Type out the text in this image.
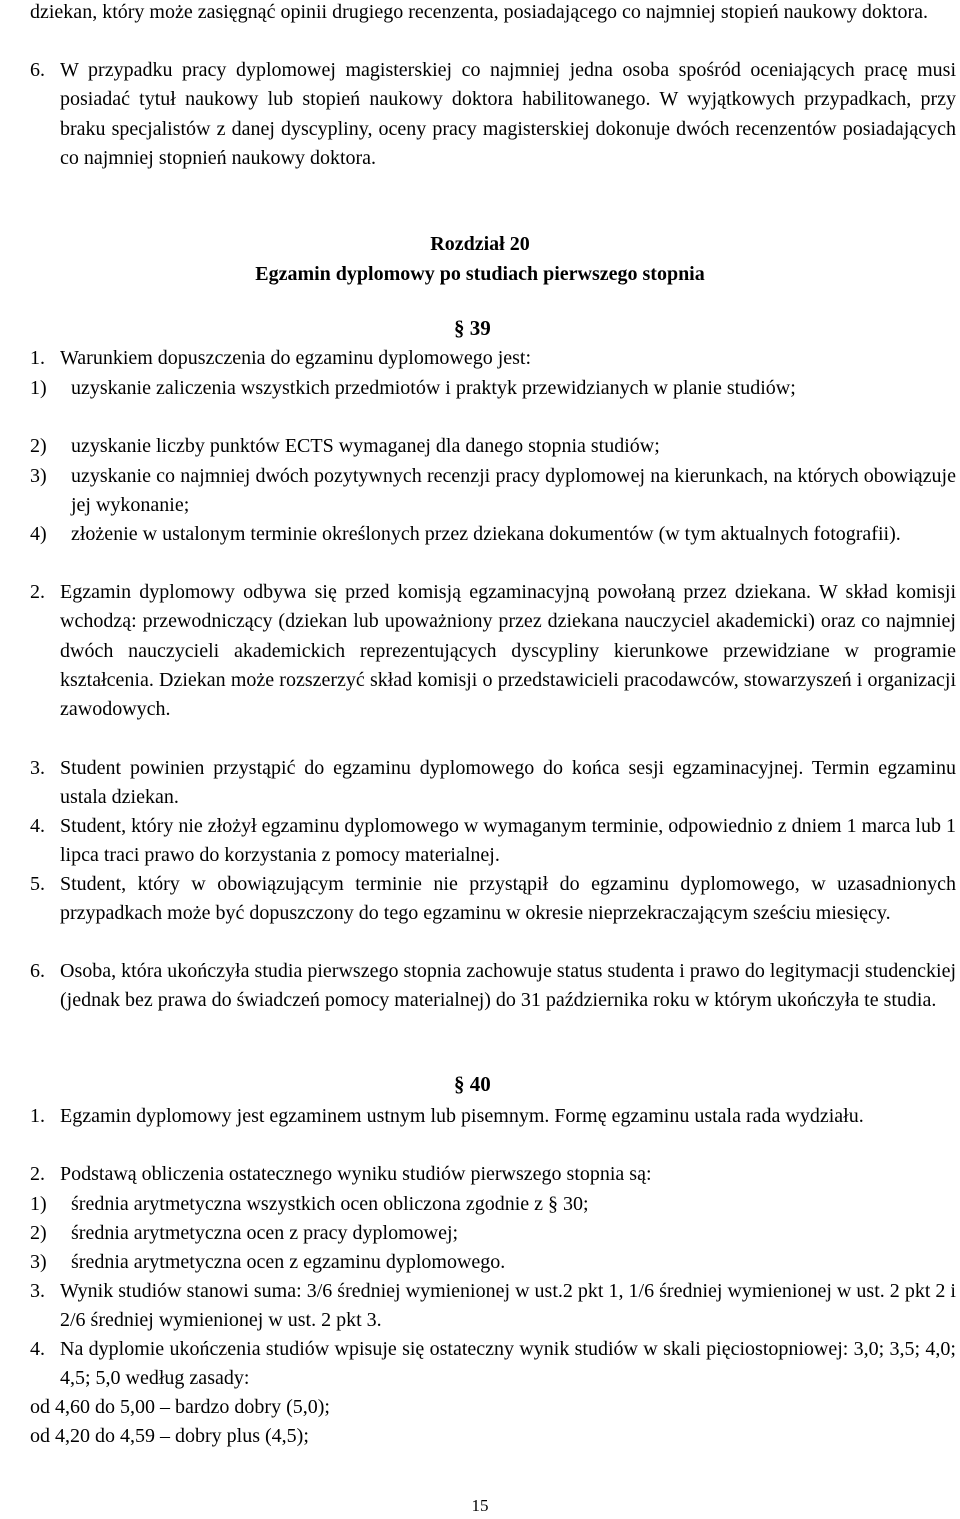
dziekan, który może zasięgnąć opinii drugiego recenzenta, posiadającego co najmniej stopień naukowy doktora.
6. W przypadku pracy dyplomowej magisterskiej co najmniej jedna osoba spośród oceniających pracę musi posiadać tytuł naukowy lub stopień naukowy doktora habilitowanego. W wyjątkowych przypadkach, przy braku specjalistów z danej dyscypliny, oceny pracy magisterskiej dokonuje dwóch recenzentów posiadających co najmniej stopnień naukowy doktora.
Rozdział 20
Egzamin dyplomowy po studiach pierwszego stopnia
§ 39
1. Warunkiem dopuszczenia do egzaminu dyplomowego jest:
1) uzyskanie zaliczenia wszystkich przedmiotów i praktyk przewidzianych w planie studiów;
2) uzyskanie liczby punktów ECTS wymaganej dla danego stopnia studiów;
3) uzyskanie co najmniej dwóch pozytywnych recenzji pracy dyplomowej na kierunkach, na których obowiązuje jej wykonanie;
4) złożenie w ustalonym terminie określonych przez dziekana dokumentów (w tym aktualnych fotografii).
2. Egzamin dyplomowy odbywa się przed komisją egzaminacyjną powołaną przez dziekana. W skład komisji wchodzą: przewodniczący (dziekan lub upoważniony przez dziekana nauczyciel akademicki) oraz co najmniej dwóch nauczycieli akademickich reprezentujących dyscypliny kierunkowe przewidziane w programie kształcenia. Dziekan może rozszerzyć skład komisji o przedstawicieli pracodawców, stowarzyszeń i organizacji zawodowych.
3. Student powinien przystąpić do egzaminu dyplomowego do końca sesji egzaminacyjnej. Termin egzaminu ustala dziekan.
4. Student, który nie złożył egzaminu dyplomowego w wymaganym terminie, odpowiednio z dniem 1 marca lub 1 lipca traci prawo do korzystania z pomocy materialnej.
5. Student, który w obowiązującym terminie nie przystąpił do egzaminu dyplomowego, w uzasadnionych przypadkach może być dopuszczony do tego egzaminu w okresie nieprzekraczającym sześciu miesięcy.
6. Osoba, która ukończyła studia pierwszego stopnia zachowuje status studenta i prawo do legitymacji studenckiej (jednak bez prawa do świadczeń pomocy materialnej) do 31 października roku w którym ukończyła te studia.
§ 40
1. Egzamin dyplomowy jest egzaminem ustnym lub pisemnym. Formę egzaminu ustala rada wydziału.
2. Podstawą obliczenia ostatecznego wyniku studiów pierwszego stopnia są:
1) średnia arytmetyczna wszystkich ocen obliczona zgodnie z § 30;
2) średnia arytmetyczna ocen z pracy dyplomowej;
3) średnia arytmetyczna ocen z egzaminu dyplomowego.
3. Wynik studiów stanowi suma: 3/6 średniej wymienionej w ust.2 pkt 1, 1/6 średniej wymienionej w ust. 2 pkt 2 i 2/6 średniej wymienionej w ust. 2 pkt 3.
4. Na dyplomie ukończenia studiów wpisuje się ostateczny wynik studiów w skali pięciostopniowej: 3,0; 3,5; 4,0; 4,5; 5,0 według zasady:
od 4,60 do 5,00 – bardzo dobry (5,0);
od 4,20 do 4,59 – dobry plus (4,5);
15
